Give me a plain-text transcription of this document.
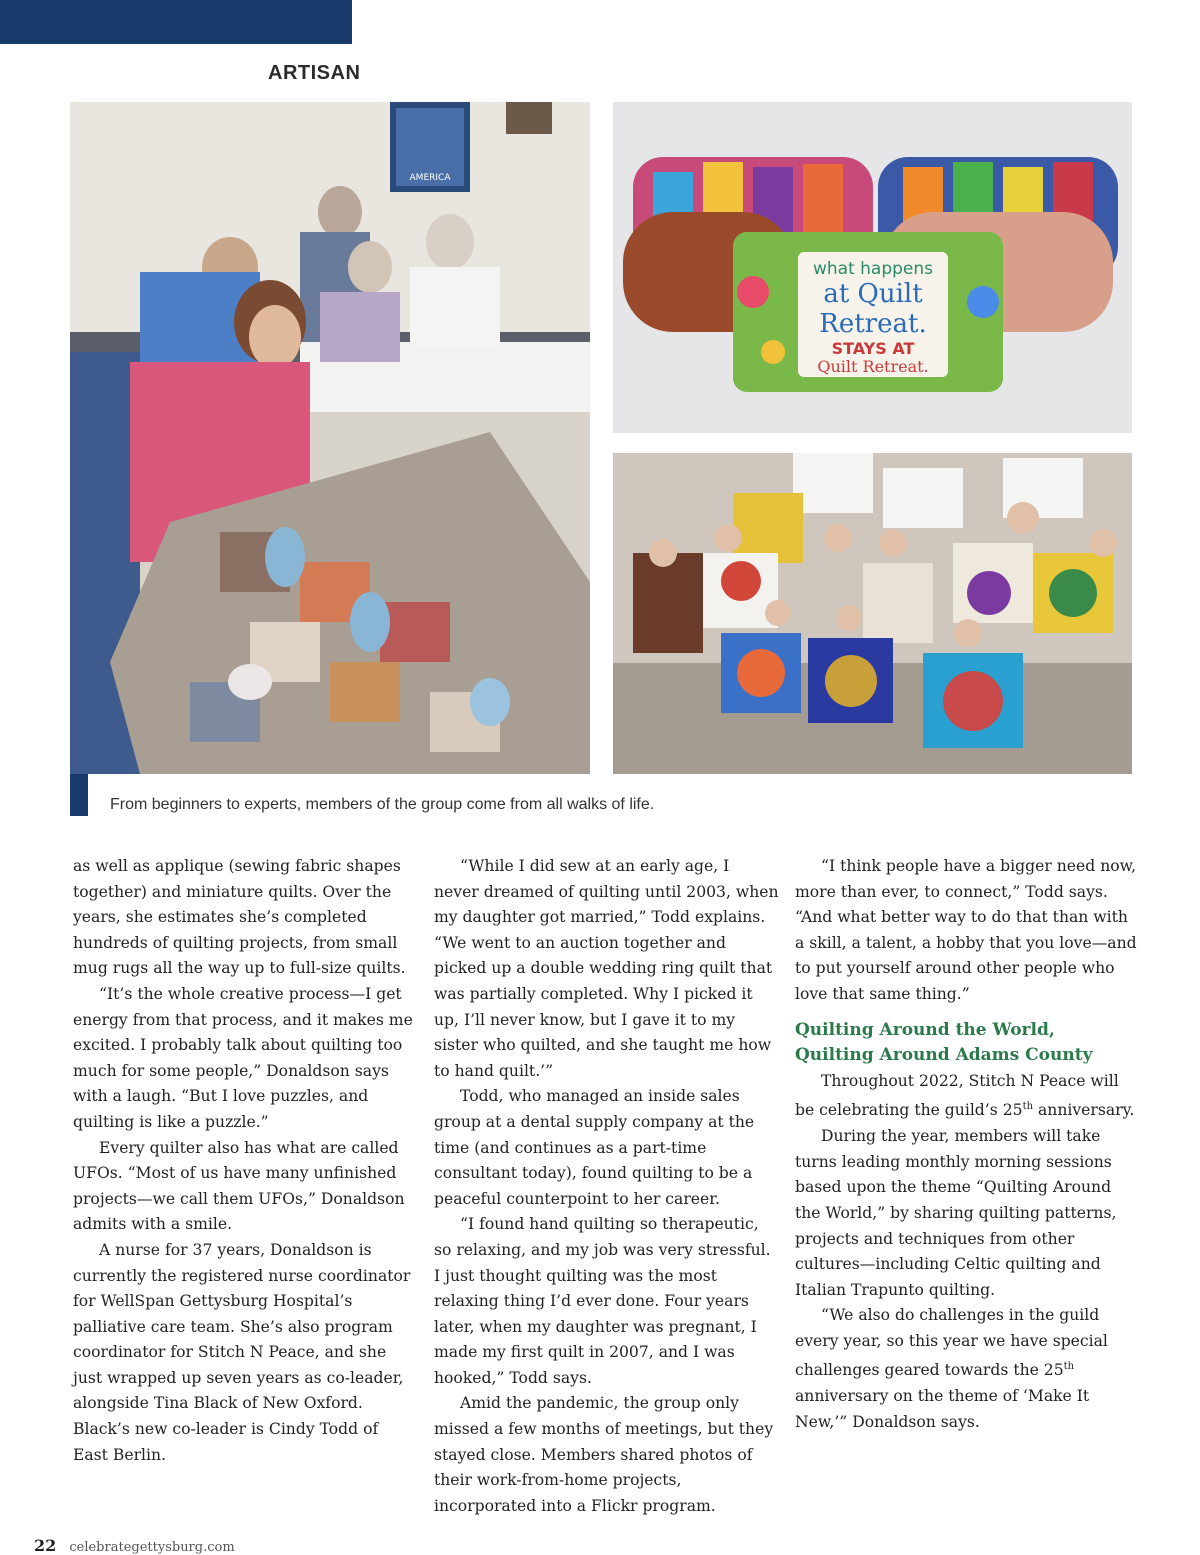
ARTISAN
AMERICA
what happens
at Quilt
Retreat.
STAYS AT
Quilt Retreat.
From beginners to experts, members of the group come from all walks of life.

as well as applique (sewing fabric shapes together) and miniature quilts. Over the years, she estimates she’s completed hundreds of quilting projects, from small mug rugs all the way up to full-size quilts.

“It’s the whole creative process—I get energy from that process, and it makes me excited. I probably talk about quilting too much for some people,” Donaldson says with a laugh. “But I love puzzles, and quilting is like a puzzle.”

Every quilter also has what are called UFOs. “Most of us have many unfinished projects—we call them UFOs,” Donaldson admits with a smile.

A nurse for 37 years, Donaldson is currently the registered nurse coordinator for WellSpan Gettysburg Hospital’s palliative care team. She’s also program coordinator for Stitch N Peace, and she just wrapped up seven years as co-leader, alongside Tina Black of New Oxford. Black’s new co-leader is Cindy Todd of East Berlin.

“While I did sew at an early age, I never dreamed of quilting until 2003, when my daughter got married,” Todd explains. “We went to an auction together and picked up a double wedding ring quilt that was partially completed. Why I picked it up, I’ll never know, but I gave it to my sister who quilted, and she taught me how to hand quilt.’”

Todd, who managed an inside sales group at a dental supply company at the time (and continues as a part-time consultant today), found quilting to be a peaceful counterpoint to her career.

“I found hand quilting so therapeutic, so relaxing, and my job was very stressful. I just thought quilting was the most relaxing thing I’d ever done. Four years later, when my daughter was pregnant, I made my first quilt in 2007, and I was hooked,” Todd says.

Amid the pandemic, the group only missed a few months of meetings, but they stayed close. Members shared photos of their work-from-home projects, incorporated into a Flickr program.

“I think people have a bigger need now, more than ever, to connect,” Todd says. “And what better way to do that than with a skill, a talent, a hobby that you love—and to put yourself around other people who love that same thing.”

Quilting Around the World,
Quilting Around Adams County

Throughout 2022, Stitch N Peace will be celebrating the guild’s 25th anniversary.

During the year, members will take turns leading monthly morning sessions based upon the theme “Quilting Around the World,” by sharing quilting patterns, projects and techniques from other cultures—including Celtic quilting and Italian Trapunto quilting.

“We also do challenges in the guild every year, so this year we have special challenges geared towards the 25th anniversary on the theme of ‘Make It New,’” Donaldson says.

22 celebrategettysburg.com
